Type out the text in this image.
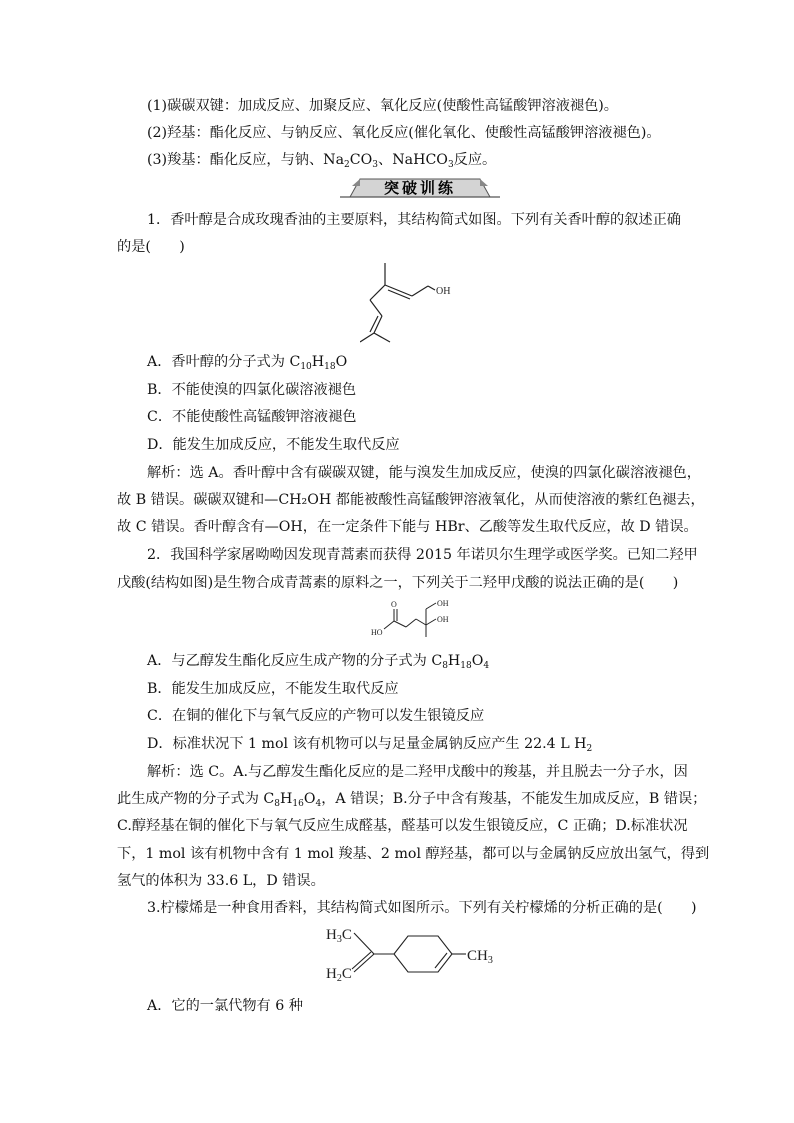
(1)碳碳双键：加成反应、加聚反应、氧化反应(使酸性高锰酸钾溶液褪色)。
(2)羟基：酯化反应、与钠反应、氧化反应(催化氧化、使酸性高锰酸钾溶液褪色)。
(3)羧基：酯化反应，与钠、$Na_2CO_3$、NaHCO$_3$反应。
突破训练
1．香叶醇是合成玫瑰香油的主要原料，其结构简式如图。下列有关香叶醇的叙述正确
的是(　　)
OH
A．香叶醇的分子式为 $C_{10}H_{18}O$
B．不能使溴的四氯化碳溶液褪色
C．不能使酸性高锰酸钾溶液褪色
D．能发生加成反应，不能发生取代反应
解析：选 A。香叶醇中含有碳碳双键，能与溴发生加成反应，使溴的四氯化碳溶液褪色，
故 B 错误。碳碳双键和—CH₂OH 都能被酸性高锰酸钾溶液氧化，从而使溶液的紫红色褪去，
故 C 错误。香叶醇含有—OH，在一定条件下能与 HBr、乙酸等发生取代反应，故 D 错误。
2．我国科学家屠呦呦因发现青蒿素而获得 2015 年诺贝尔生理学或医学奖。已知二羟甲
戊酸(结构如图)是生物合成青蒿素的原料之一，下列关于二羟甲戊酸的说法正确的是(　　)
OH
OH
O
HO
A．与乙醇发生酯化反应生成产物的分子式为 $C_8H_{18}O_4$
B．能发生加成反应，不能发生取代反应
C．在铜的催化下与氧气反应的产物可以发生银镜反应
D．标准状况下 1 mol 该有机物可以与足量金属钠反应产生 22.4 L $H_2$
解析：选 C。A.与乙醇发生酯化反应的是二羟甲戊酸中的羧基，并且脱去一分子水，因
此生成产物的分子式为 $C_8H_{16}O_4$，A 错误；B.分子中含有羧基，不能发生加成反应，B 错误；
C.醇羟基在铜的催化下与氧气反应生成醛基，醛基可以发生银镜反应，C 正确；D.标准状况
下，1 mol 该有机物中含有 1 mol 羧基、2 mol 醇羟基，都可以与金属钠反应放出氢气，得到
氢气的体积为 33.6 L，D 错误。
3.柠檬烯是一种食用香料，其结构简式如图所示。下列有关柠檬烯的分析正确的是(　　)
$H_3C$
$H_2C$
$CH_3$
A．它的一氯代物有 6 种
